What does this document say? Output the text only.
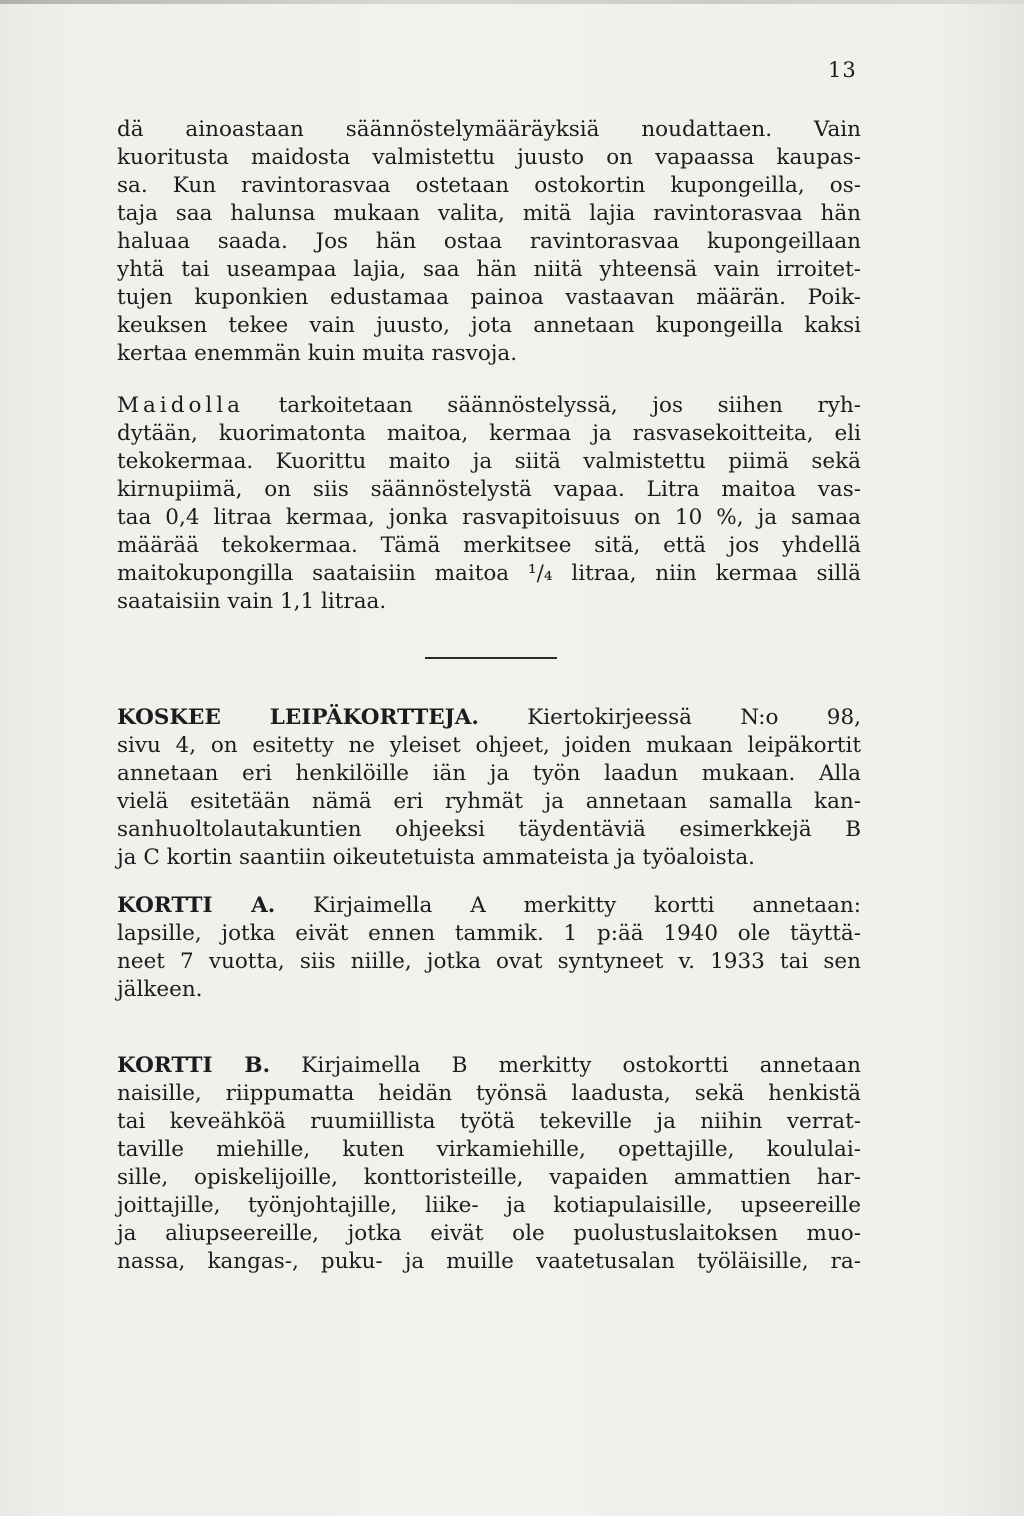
13
dä ainoastaan säännöstelymääräyksiä noudattaen. Vain
kuoritusta maidosta valmistettu juusto on vapaassa kaupas-
sa. Kun ravintorasvaa ostetaan ostokortin kupongeilla, os-
taja saa halunsa mukaan valita, mitä lajia ravintorasvaa hän
haluaa saada. Jos hän ostaa ravintorasvaa kupongeillaan
yhtä tai useampaa lajia, saa hän niitä yhteensä vain irroitet-
tujen kuponkien edustamaa painoa vastaavan määrän. Poik-
keuksen tekee vain juusto, jota annetaan kupongeilla kaksi
kertaa enemmän kuin muita rasvoja.
Maidolla tarkoitetaan säännöstelyssä, jos siihen ryh-
dytään, kuorimatonta maitoa, kermaa ja rasvasekoitteita, eli
tekokermaa. Kuorittu maito ja siitä valmistettu piimä sekä
kirnupiimä, on siis säännöstelystä vapaa. Litra maitoa vas-
taa 0,4 litraa kermaa, jonka rasvapitoisuus on 10 %, ja samaa
määrää tekokermaa. Tämä merkitsee sitä, että jos yhdellä
maitokupongilla saataisiin maitoa ¹/₄ litraa, niin kermaa sillä
saataisiin vain 1,1 litraa.
KOSKEE LEIPÄKORTTEJA. Kiertokirjeessä N:o 98,
sivu 4, on esitetty ne yleiset ohjeet, joiden mukaan leipäkortit
annetaan eri henkilöille iän ja työn laadun mukaan. Alla
vielä esitetään nämä eri ryhmät ja annetaan samalla kan-
sanhuoltolautakuntien ohjeeksi täydentäviä esimerkkejä B
ja C kortin saantiin oikeutetuista ammateista ja työaloista.
KORTTI A. Kirjaimella A merkitty kortti annetaan:
lapsille, jotka eivät ennen tammik. 1 p:ää 1940 ole täyttä-
neet 7 vuotta, siis niille, jotka ovat syntyneet v. 1933 tai sen
jälkeen.
KORTTI B. Kirjaimella B merkitty ostokortti annetaan
naisille, riippumatta heidän työnsä laadusta, sekä henkistä
tai keveähköä ruumiillista työtä tekeville ja niihin verrat-
taville miehille, kuten virkamiehille, opettajille, koululai-
sille, opiskelijoille, konttoristeille, vapaiden ammattien har-
joittajille, työnjohtajille, liike- ja kotiapulaisille, upseereille
ja aliupseereille, jotka eivät ole puolustuslaitoksen muo-
nassa, kangas-, puku- ja muille vaatetusalan työläisille, ra-
